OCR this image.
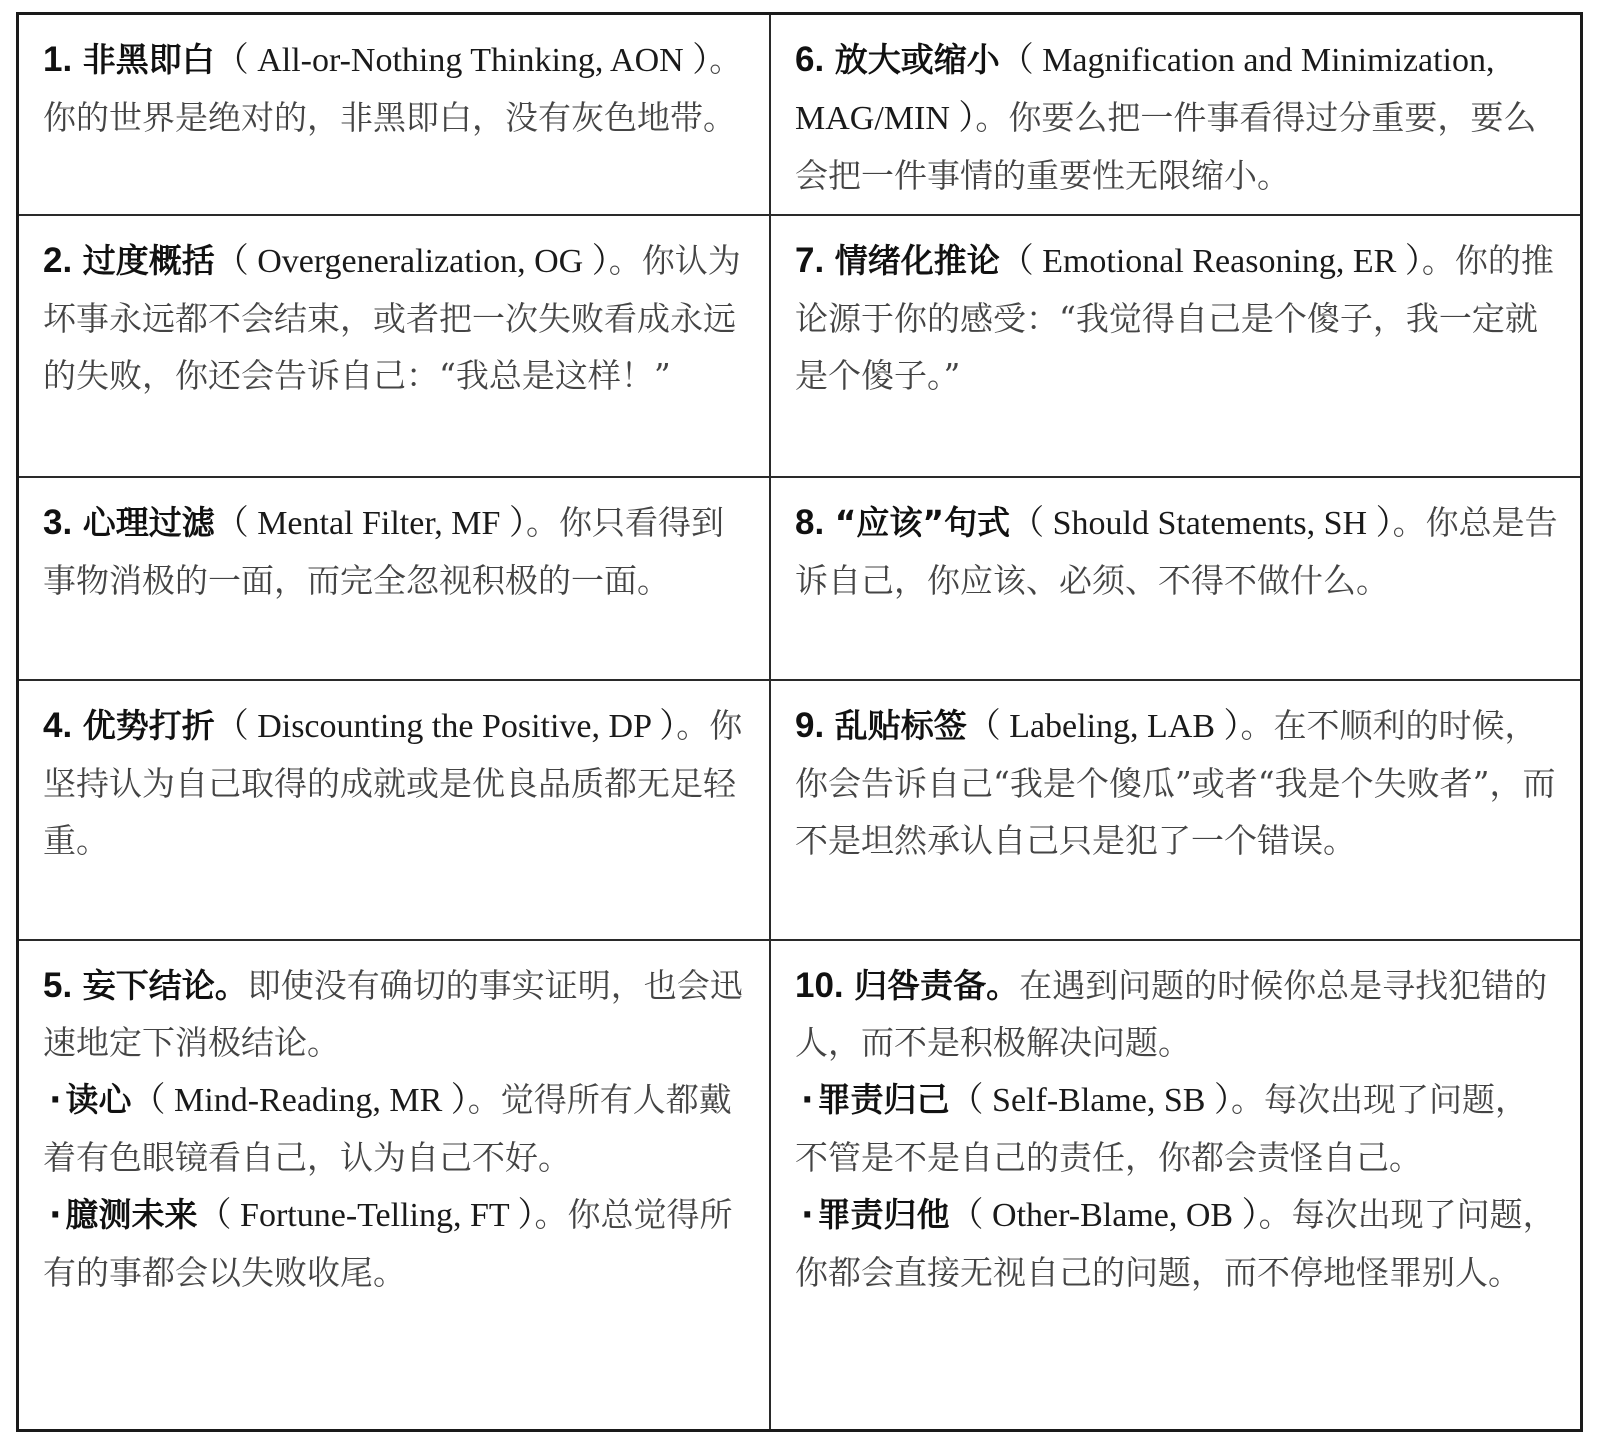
1. 非黑即白（ All-or-Nothing Thinking, AON ）。你的世界是绝对的，非黑即白，没有灰色地带。
6. 放大或缩小（ Magnification and Minimization, MAG/MIN ）。你要么把一件事看得过分重要，要么会把一件事情的重要性无限缩小。
2. 过度概括（ Overgeneralization, OG ）。你认为坏事永远都不会结束，或者把一次失败看成永远的失败，你还会告诉自己：“我总是这样！”
7. 情绪化推论（ Emotional Reasoning, ER ）。你的推论源于你的感受：“我觉得自己是个傻子，我一定就是个傻子。”
3. 心理过滤（ Mental Filter, MF ）。你只看得到事物消极的一面，而完全忽视积极的一面。
8. “应该”句式（ Should Statements, SH ）。你总是告诉自己，你应该、必须、不得不做什么。
4. 优势打折（ Discounting the Positive, DP ）。你坚持认为自己取得的成就或是优良品质都无足轻重。
9. 乱贴标签（ Labeling, LAB ）。在不顺利的时候，你会告诉自己“我是个傻瓜”或者“我是个失败者”，而不是坦然承认自己只是犯了一个错误。
5. 妄下结论。即使没有确切的事实证明，也会迅速地定下消极结论。
· 读心（ Mind-Reading, MR ）。觉得所有人都戴着有色眼镜看自己，认为自己不好。
· 臆测未来（ Fortune-Telling, FT ）。你总觉得所有的事都会以失败收尾。
10. 归咎责备。在遇到问题的时候你总是寻找犯错的人，而不是积极解决问题。
· 罪责归己（ Self-Blame, SB ）。每次出现了问题，不管是不是自己的责任，你都会责怪自己。
· 罪责归他（ Other-Blame, OB ）。每次出现了问题，你都会直接无视自己的问题，而不停地怪罪别人。
